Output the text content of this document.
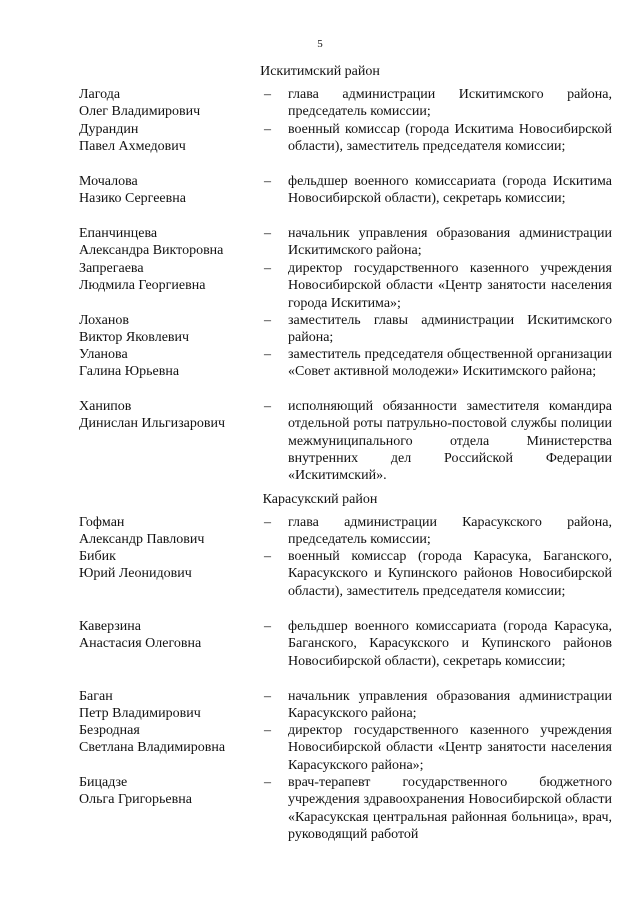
5
Искитимский район
Лагода
Олег Владимирович
– глава администрации Искитимского района, председатель комиссии;
Дурандин
Павел Ахмедович
– военный комиссар (города Искитима Новосибирской области), заместитель председателя комиссии;
Мочалова
Назико Сергеевна
– фельдшер военного комиссариата (города Искитима Новосибирской области), секретарь комиссии;
Епанчинцева
Александра Викторовна
– начальник управления образования администрации Искитимского района;
Запрегаева
Людмила Георгиевна
– директор государственного казенного учреждения Новосибирской области «Центр занятости населения города Искитима»;
Лоханов
Виктор Яковлевич
– заместитель главы администрации Искитимского района;
Уланова
Галина Юрьевна
– заместитель председателя общественной организации «Совет активной молодежи» Искитимского района;
Ханипов
Динислан Ильгизарович
– исполняющий обязанности заместителя командира отдельной роты патрульно-постовой службы полиции межмуниципального отдела Министерства внутренних дел Российской Федерации «Искитимский».
Карасукский район
Гофман
Александр Павлович
– глава администрации Карасукского района, председатель комиссии;
Бибик
Юрий Леонидович
– военный комиссар (города Карасука, Баганского, Карасукского и Купинского районов Новосибирской области), заместитель председателя комиссии;
Каверзина
Анастасия Олеговна
– фельдшер военного комиссариата (города Карасука, Баганского, Карасукского и Купинского районов Новосибирской области), секретарь комиссии;
Баган
Петр Владимирович
– начальник управления образования администрации Карасукского района;
Безродная
Светлана Владимировна
– директор государственного казенного учреждения Новосибирской области «Центр занятости населения Карасукского района»;
Бицадзе
Ольга Григорьевна
– врач-терапевт государственного бюджетного учреждения здравоохранения Новосибирской области «Карасукская центральная районная больница», врач, руководящий работой
